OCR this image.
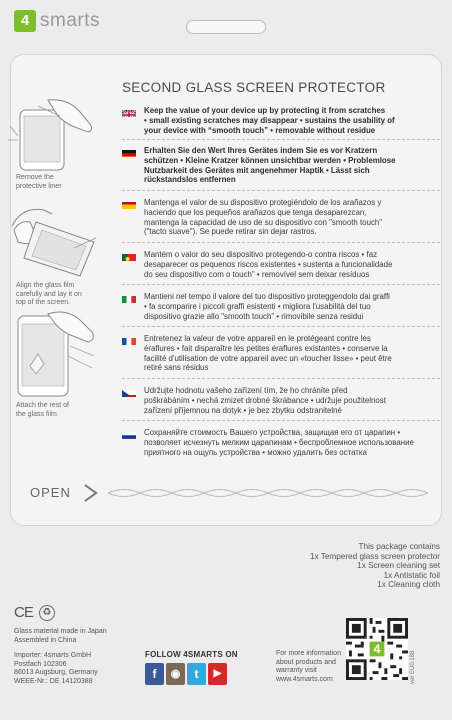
4 smarts
SECOND GLASS SCREEN PROTECTOR
Remove the
protective liner
Align the glass film
carefully and lay it on
top of the screen.
Attach the rest of
the glass film
Keep the value of your device up by protecting it from scratches
• small existing scratches may disappear • sustains the usability of
your device with “smooth touch” • removable without residue
Erhalten Sie den Wert Ihres Gerätes indem Sie es vor Kratzern
schützen • Kleine Kratzer können unsichtbar werden • Problemlose
Nutzbarkeit des Gerätes mit angenehmer Haptik • Lässt sich
rückstandslos entfernen
Mantenga el valor de su dispositivo protegiéndolo de los arañazos y
haciendo que los pequeños arañazos que tenga desaparezcan,
mantenga la capacidad de uso de su dispositivo con "smooth touch"
("tacto suave"). Se puede retirar sin dejar rastros.
Mantém o valor do seu dispositivo protegendo-o contra riscos • faz
desaparecer os pequenos riscos existentes • sustenta a funcionalidade
do seu dispositivo com o touch" • removível sem deixar resíduos
Mantieni nel tempo il valore del tuo dispositivo proteggendolo dai graffi
• fa scomparire i piccoli graffi esistenti • migliora l'usabilità del tuo
dispositivo grazie allo "smooth touch" • rimovibile senza residui
Entretenez la valeur de votre appareil en le protégeant contre les
éraflures • fait disparaître les petites éraflures existantes • conserve la
facilité d'utilisation de votre appareil avec un «toucher lisse» • peut être
retiré sans résidus
Udržujte hodnotu vašeho zařízení tím, že ho chráníte před
poškrábáním • nechá zmizet drobné škrábance • udržuje použitelnost
zařízení příjemnou na dotyk • je bez zbytku odstranitelné
Сохраняйте стоимость Вашего устройства, защищая его от царапин •
позволяет исчезнуть мелким царапинам • беспроблемное использование
приятного на ощупь устройства • можно удалить без остатка
OPEN
This package contains
1x Tempered glass screen protector
1x Screen cleaning set
1x Antistatic foil
1x Cleaning cloth
CE ♻
Glass material made in Japan
Assembled in China
Importer: 4smarts GmbH
Postfach 102306
86013 Augsburg, Germany
WEEE-Nr.: DE 14120388
FOLLOW 4SMARTS ON
f	◉	t	▶
For more information
about products and
warranty visit
www.4smarts.com
4
ver EU0.188
